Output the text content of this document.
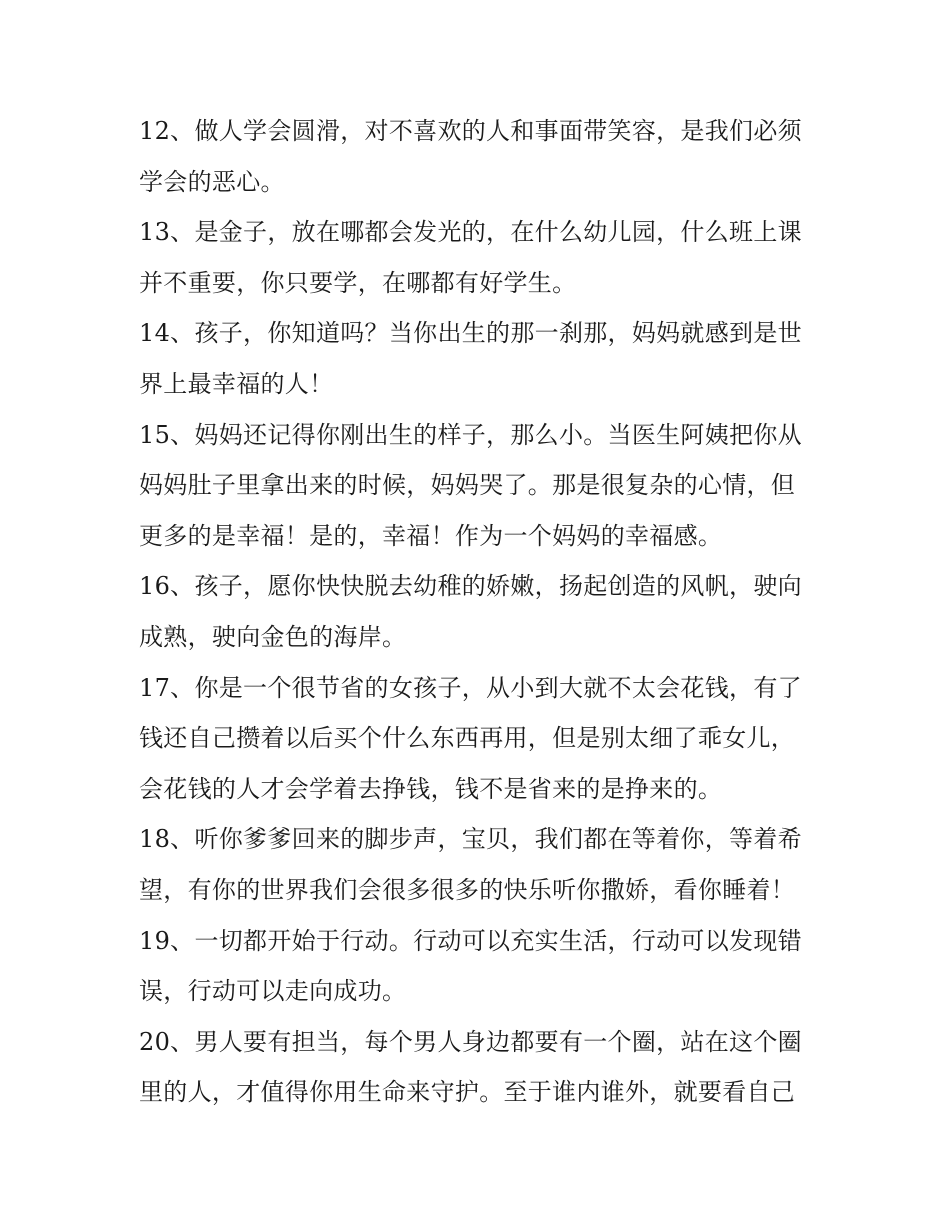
12、做人学会圆滑，对不喜欢的人和事面带笑容，是我们必须
学会的恶心。
13、是金子，放在哪都会发光的，在什么幼儿园，什么班上课
并不重要，你只要学，在哪都有好学生。
14、孩子，你知道吗？当你出生的那一刹那，妈妈就感到是世
界上最幸福的人！
15、妈妈还记得你刚出生的样子，那么小。当医生阿姨把你从
妈妈肚子里拿出来的时候，妈妈哭了。那是很复杂的心情，但
更多的是幸福！是的，幸福！作为一个妈妈的幸福感。
16、孩子，愿你快快脱去幼稚的娇嫩，扬起创造的风帆，驶向
成熟，驶向金色的海岸。
17、你是一个很节省的女孩子，从小到大就不太会花钱，有了
钱还自己攒着以后买个什么东西再用，但是别太细了乖女儿，
会花钱的人才会学着去挣钱，钱不是省来的是挣来的。
18、听你爹爹回来的脚步声，宝贝，我们都在等着你，等着希
望，有你的世界我们会很多很多的快乐听你撒娇，看你睡着！
19、一切都开始于行动。行动可以充实生活，行动可以发现错
误，行动可以走向成功。
20、男人要有担当，每个男人身边都要有一个圈，站在这个圈
里的人，才值得你用生命来守护。至于谁内谁外，就要看自己
